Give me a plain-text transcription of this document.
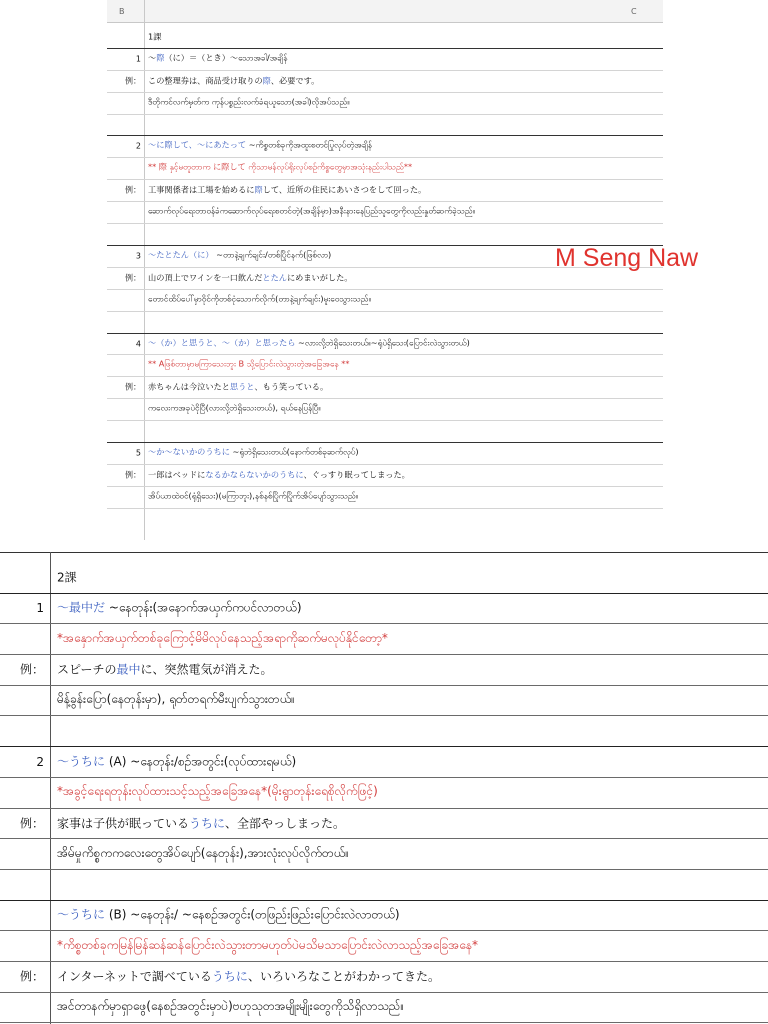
B	C
1課
1 ～際（に）＝（とき）～သောအခါ/အချိန်
例： この整理券は、商品受け取りの際、必要です。
ဒီတိုကင်လက်မှတ်က ကုန်ပစ္စည်းလက်ခံရယူသော(အခါ)လိုအပ်သည်။
2 ～に際して、～にあたって ~ကိစ္စတစ်ခုကိုအထူးစတင်ပြုလုပ်တဲ့အချိန်
** 際 နှင့်မတူတာက に際して ကိုသာမန်လုပ်ရိုးလုပ်စဉ်ကိစ္စတွေမှာအသုံးနည်းပါသည်**
例： 工事関係者は工場を始めるに際して、近所の住民にあいさつをして回った。
ဆောက်လုပ်ရေးတာဝန်ခံကဆောက်လုပ်ရေးစတင်တဲ့(အချိန်မှာ)အနီးနားနေပြည်သူတွေကိုလည်းနှုတ်ဆက်ခဲ့သည်။
3 ～たとたん（に） ~တာနဲ့ချက်ချင်း/တစ်ပြိုင်နက်(ဖြစ်လာ)
例： 山の頂上でワインを一口飲んだとたんにめまいがした。
တောင်ထိပ်ပေါ်မှာဝိုင်ကိုတစ်ငုံသောက်လိုက်(တာနဲ့ချက်ချင်း)မူးဝေသွားသည်။
4 ～（か）と思うと、～（か）と思ったら ~လားလို့ဘဲရှိသေးတယ်။~ရုံပဲရှိသေး(ပြောင်းလဲသွားတယ်)
** Aဖြစ်တာမှာမကြာသေးဘူး B သို့ပြောင်းလဲသွားတဲ့အခြေအနေ **
例： 赤ちゃんは今泣いたと思うと、もう笑っている。
ကလေးကအခုပဲငိုပြီ(လားလို့ဘဲရှိသေးတယ်), ရယ်နေပြန်ပြီ။
5 ～か～ないかのうちに ~ရုံဘဲရှိသေးတယ်(နောက်တစ်ခုဆက်လုပ်)
例： 一郎はベッドになるかならないかのうちに、ぐっすり眠ってしまった。
အိပ်ယာထဲဝင်(ရုံရှိသေး)(မကြာဘူး),နစ်နစ်ပြိုက်ပြိုက်အိပ်ပျော်သွားသည်။
M Seng Naw
2課
1 ～最中だ ~နေတုန်း(အနောက်အယှက်ကပင်လာတယ်)
*အနှောက်အယှက်တစ်ခုကြောင့်မိမိလုပ်နေသည့်အရာကိုဆက်မလုပ်နိုင်တော့*
例： スピーチの最中に、突然電気が消えた。
မိန့်ခွန်းပြော(နေတုန်းမှာ), ရုတ်တရက်မီးပျက်သွားတယ်။
2 ～うちに (A) ~နေတုန်း/စဉ်အတွင်း(လုပ်ထားရမယ်)
*အခွင့်ရေးရတုန်းလုပ်ထားသင့်သည့်အခြေအနေ*(မိုးရွာတုန်းရေစိုလိုက်ဖြင့်)
例： 家事は子供が眠っているうちに、全部やっしまった。
အိမ်မှုကိစ္စကကလေးတွေအိပ်ပျော်(နေတုန်း),အားလုံးလုပ်လိုက်တယ်။
～うちに (B) ~နေတုန်း/ ~နေစဉ်အတွင်း(တဖြည်းဖြည်းပြောင်းလဲလာတယ်)
*ကိစ္စတစ်ခုကမြန်မြန်ဆန်ဆန်ပြောင်းလဲသွားတာမဟုတ်ပဲမသိမသာပြောင်းလဲလာသည့်အခြေအနေ*
例： インターネットで調べているうちに、いろいろなことがわかってきた。
အင်တာနက်မှာရှာဖွေ(နေစဉ်အတွင်းမှာပဲ)ဗဟုသုတအမျိုးမျိုးတွေကိုသိရှိလာသည်။
